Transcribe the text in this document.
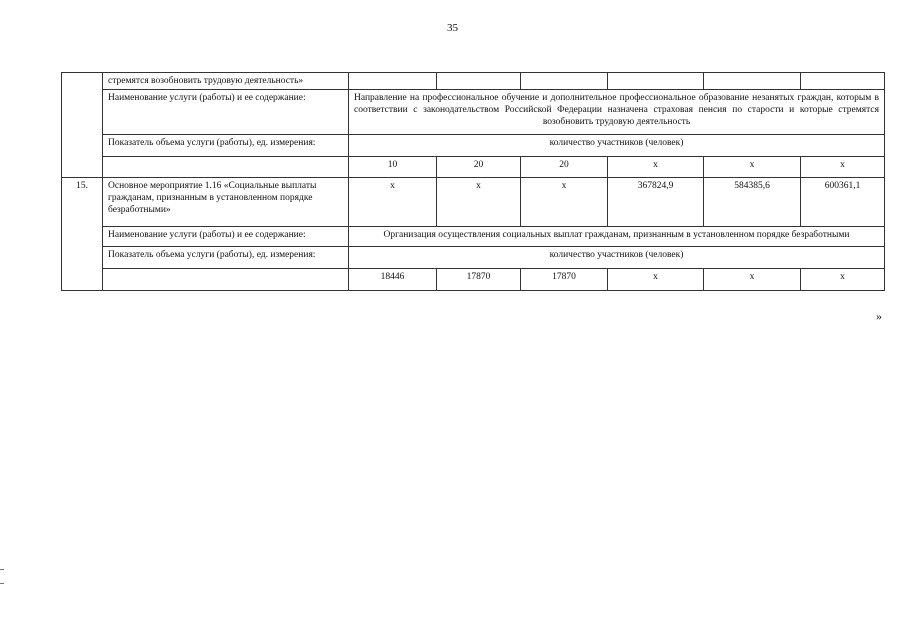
35
	стремятся возобновить трудовую деятельность»						
	Наименование услуги (работы) и ее содержание:	Направление на профессиональное обучение и дополнительное профессиональное образование незанятых граждан, которым в соответствии с законодательством Российской Федерации назначена страховая пенсия по старости и которые стремятся возобновить трудовую деятельность					
	Показатель объема услуги (работы), ед. измерения:	количество участников (человек)					
		10	20	20	х	х	х
15.	Основное мероприятие 1.16 «Социальные выплаты гражданам, признанным в установленном порядке безработными»	х	х	х	367824,9	584385,6	600361,1
	Наименование услуги (работы) и ее содержание:	Организация осуществления социальных выплат гражданам, признанным в установленном порядке безработными					
	Показатель объема услуги (работы), ед. измерения:	количество участников (человек)					
		18446	17870	17870	х	х	х
»
